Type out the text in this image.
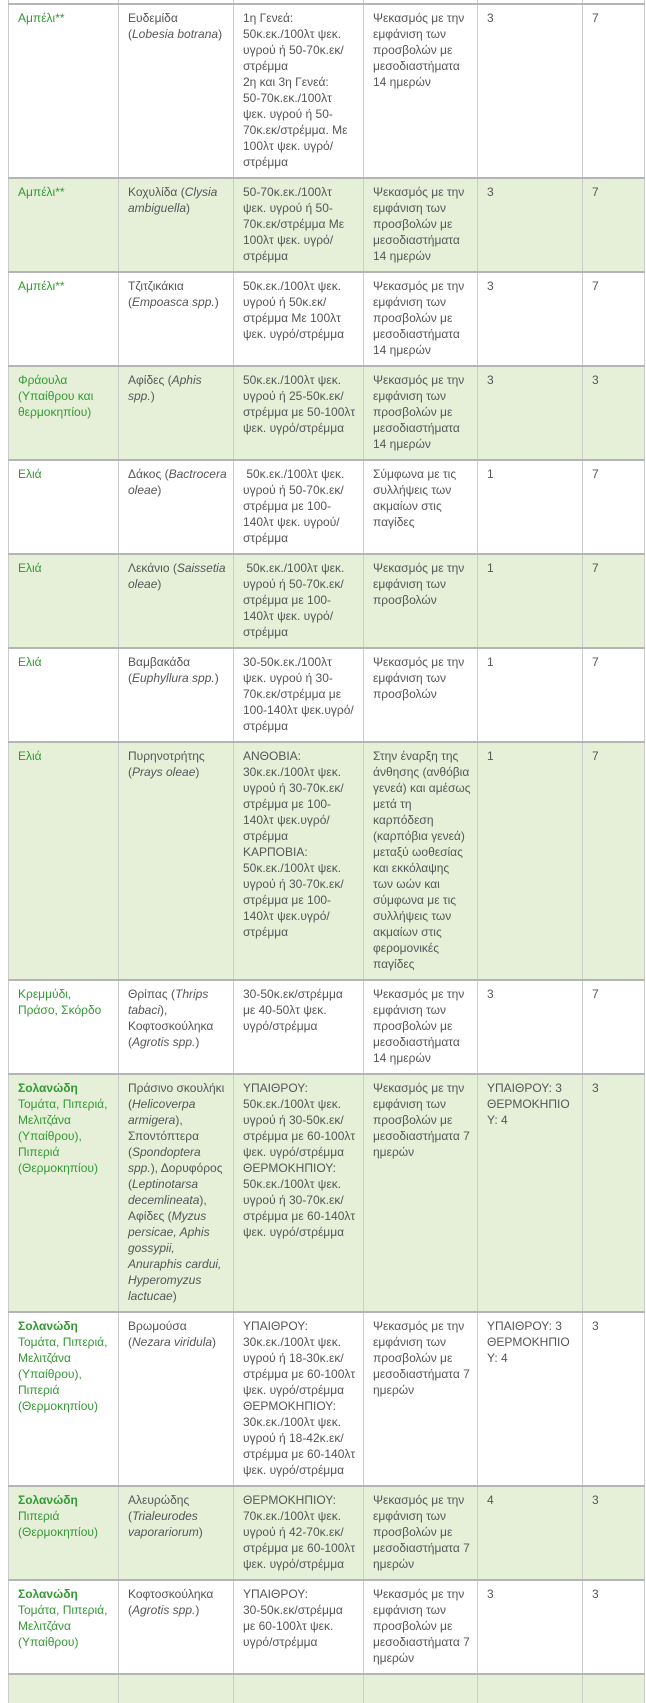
Αμπέλι**	Ευδεμίδα (Lobesia botrana)	1η Γενεά:
50κ.εκ./100λτ ψεκ. υγρού ή 50-70κ.εκ/στρέμμα
2η και 3η Γενεά:
50-70κ.εκ./100λτ ψεκ. υγρού ή 50-70κ.εκ/στρέμμα. Με 100λτ ψεκ. υγρό/στρέμμα	Ψεκασμός με την εμφάνιση των προσβολών με μεσοδιαστήματα 14 ημερών	3	7
Αμπέλι**	Κοχυλίδα (Clysia ambiguella)	50-70κ.εκ./100λτ ψεκ. υγρού ή 50-70κ.εκ/στρέμμα Με 100λτ ψεκ. υγρό/στρέμμα	Ψεκασμός με την εμφάνιση των προσβολών με μεσοδιαστήματα 14 ημερών	3	7
Αμπέλι**	Τζιτζικάκια (Empoasca spp.)	50κ.εκ./100λτ ψεκ. υγρού ή 50κ.εκ/στρέμμα Με 100λτ ψεκ. υγρό/στρέμμα	Ψεκασμός με την εμφάνιση των προσβολών με μεσοδιαστήματα 14 ημερών	3	7
Φράουλα (Υπαίθρου και θερμοκηπίου)	Αφίδες (Aphis spp.)	50κ.εκ./100λτ ψεκ. υγρού ή 25-50κ.εκ/στρέμμα με 50-100λτ ψεκ. υγρό/στρέμμα	Ψεκασμός με την εμφάνιση των προσβολών με μεσοδιαστήματα 14 ημερών	3	3
Ελιά	Δάκος (Bactrocera oleae)	50κ.εκ./100λτ ψεκ. υγρού ή 50-70κ.εκ/στρέμμα με 100-140λτ ψεκ. υγρού/στρέμμα	Σύμφωνα με τις συλλήψεις των ακμαίων στις παγίδες	1	7
Ελιά	Λεκάνιο (Saissetia oleae)	50κ.εκ./100λτ ψεκ. υγρού ή 50-70κ.εκ/στρέμμα με 100-140λτ ψεκ. υγρό/στρέμμα	Ψεκασμός με την εμφάνιση των προσβολών	1	7
Ελιά	Βαμβακάδα (Euphyllura spp.)	30-50κ.εκ./100λτ ψεκ. υγρού ή 30-70κ.εκ/στρέμμα με 100-140λτ ψεκ.υγρό/στρέμμα	Ψεκασμός με την εμφάνιση των προσβολών	1	7
Ελιά	Πυρηνοτρήτης (Prays oleae)	ΑΝΘΟΒΙΑ:
30κ.εκ./100λτ ψεκ. υγρού ή 30-70κ.εκ/στρέμμα με 100-140λτ ψεκ.υγρό/στρέμμα
ΚΑΡΠΟΒΙΑ:
50κ.εκ./100λτ ψεκ. υγρού ή 30-70κ.εκ/στρέμμα με 100-140λτ ψεκ.υγρό/στρέμμα	Στην έναρξη της άνθησης (ανθόβια γενεά) και αμέσως μετά τη καρπόδεση (καρπόβια γενεά) μεταξύ ωοθεσίας και εκκόλαψης των ωών και σύμφωνα με τις συλλήψεις των ακμαίων στις φερομονικές παγίδες	1	7
Κρεμμύδι, Πράσο, Σκόρδο	Θρίπας (Thrips tabaci), Κοφτοσκούληκα (Agrotis spp.)	30-50κ.εκ/στρέμμα με 40-50λτ ψεκ. υγρό/στρέμμα	Ψεκασμός με την εμφάνιση των προσβολών με μεσοδιαστήματα 14 ημερών	3	7
Σολανώδη
Τομάτα, Πιπεριά, Μελιτζάνα (Υπαίθρου), Πιπεριά (Θερμοκηπίου)	Πράσινο σκουλήκι (Helicoverpa armigera), Σποντόπτερα (Spondoptera spp.), Δορυφόρος (Leptinotarsa decemlineata), Αφίδες (Myzus persicae, Aphis gossypii, Anuraphis cardui, Hyperomyzus lactucae)	ΥΠΑΙΘΡΟΥ:
50κ.εκ./100λτ ψεκ. υγρού ή 30-50κ.εκ/στρέμμα με 60-100λτ ψεκ. υγρό/στρέμμα
ΘΕΡΜΟΚΗΠΙΟΥ:
50κ.εκ./100λτ ψεκ. υγρού ή 30-70κ.εκ/στρέμμα με 60-140λτ ψεκ. υγρό/στρέμμα	Ψεκασμός με την εμφάνιση των προσβολών με μεσοδιαστήματα 7 ημερών	ΥΠΑΙΘΡΟΥ: 3 ΘΕΡΜΟΚΗΠΙΟΥ: 4	3
Σολανώδη
Τομάτα, Πιπεριά, Μελιτζάνα (Υπαίθρου), Πιπεριά (Θερμοκηπίου)	Βρωμούσα (Nezara viridula)	ΥΠΑΙΘΡΟΥ:
30κ.εκ./100λτ ψεκ. υγρού ή 18-30κ.εκ/στρέμμα με 60-100λτ ψεκ. υγρό/στρέμμα
ΘΕΡΜΟΚΗΠΙΟΥ:
30κ.εκ./100λτ ψεκ. υγρού ή 18-42κ.εκ/στρέμμα με 60-140λτ ψεκ. υγρό/στρέμμα	Ψεκασμός με την εμφάνιση των προσβολών με μεσοδιαστήματα 7 ημερών	ΥΠΑΙΘΡΟΥ: 3 ΘΕΡΜΟΚΗΠΙΟΥ: 4	3
Σολανώδη
Πιπεριά (Θερμοκηπίου)	Αλευρώδης (Trialeurodes vaporariorum)	ΘΕΡΜΟΚΗΠΙΟΥ:
70κ.εκ./100λτ ψεκ. υγρού ή 42-70κ.εκ/στρέμμα με 60-100λτ ψεκ. υγρό/στρέμμα	Ψεκασμός με την εμφάνιση των προσβολών με μεσοδιαστήματα 7 ημερών	4	3
Σολανώδη
Τομάτα, Πιπεριά, Μελιτζάνα (Υπαίθρου)	Κοφτοσκούληκα (Agrotis spp.)	ΥΠΑΙΘΡΟΥ:
30-50κ.εκ/στρέμμα με 60-100λτ ψεκ. υγρό/στρέμμα	Ψεκασμός με την εμφάνιση των προσβολών με μεσοδιαστήματα 7 ημερών	3	3
